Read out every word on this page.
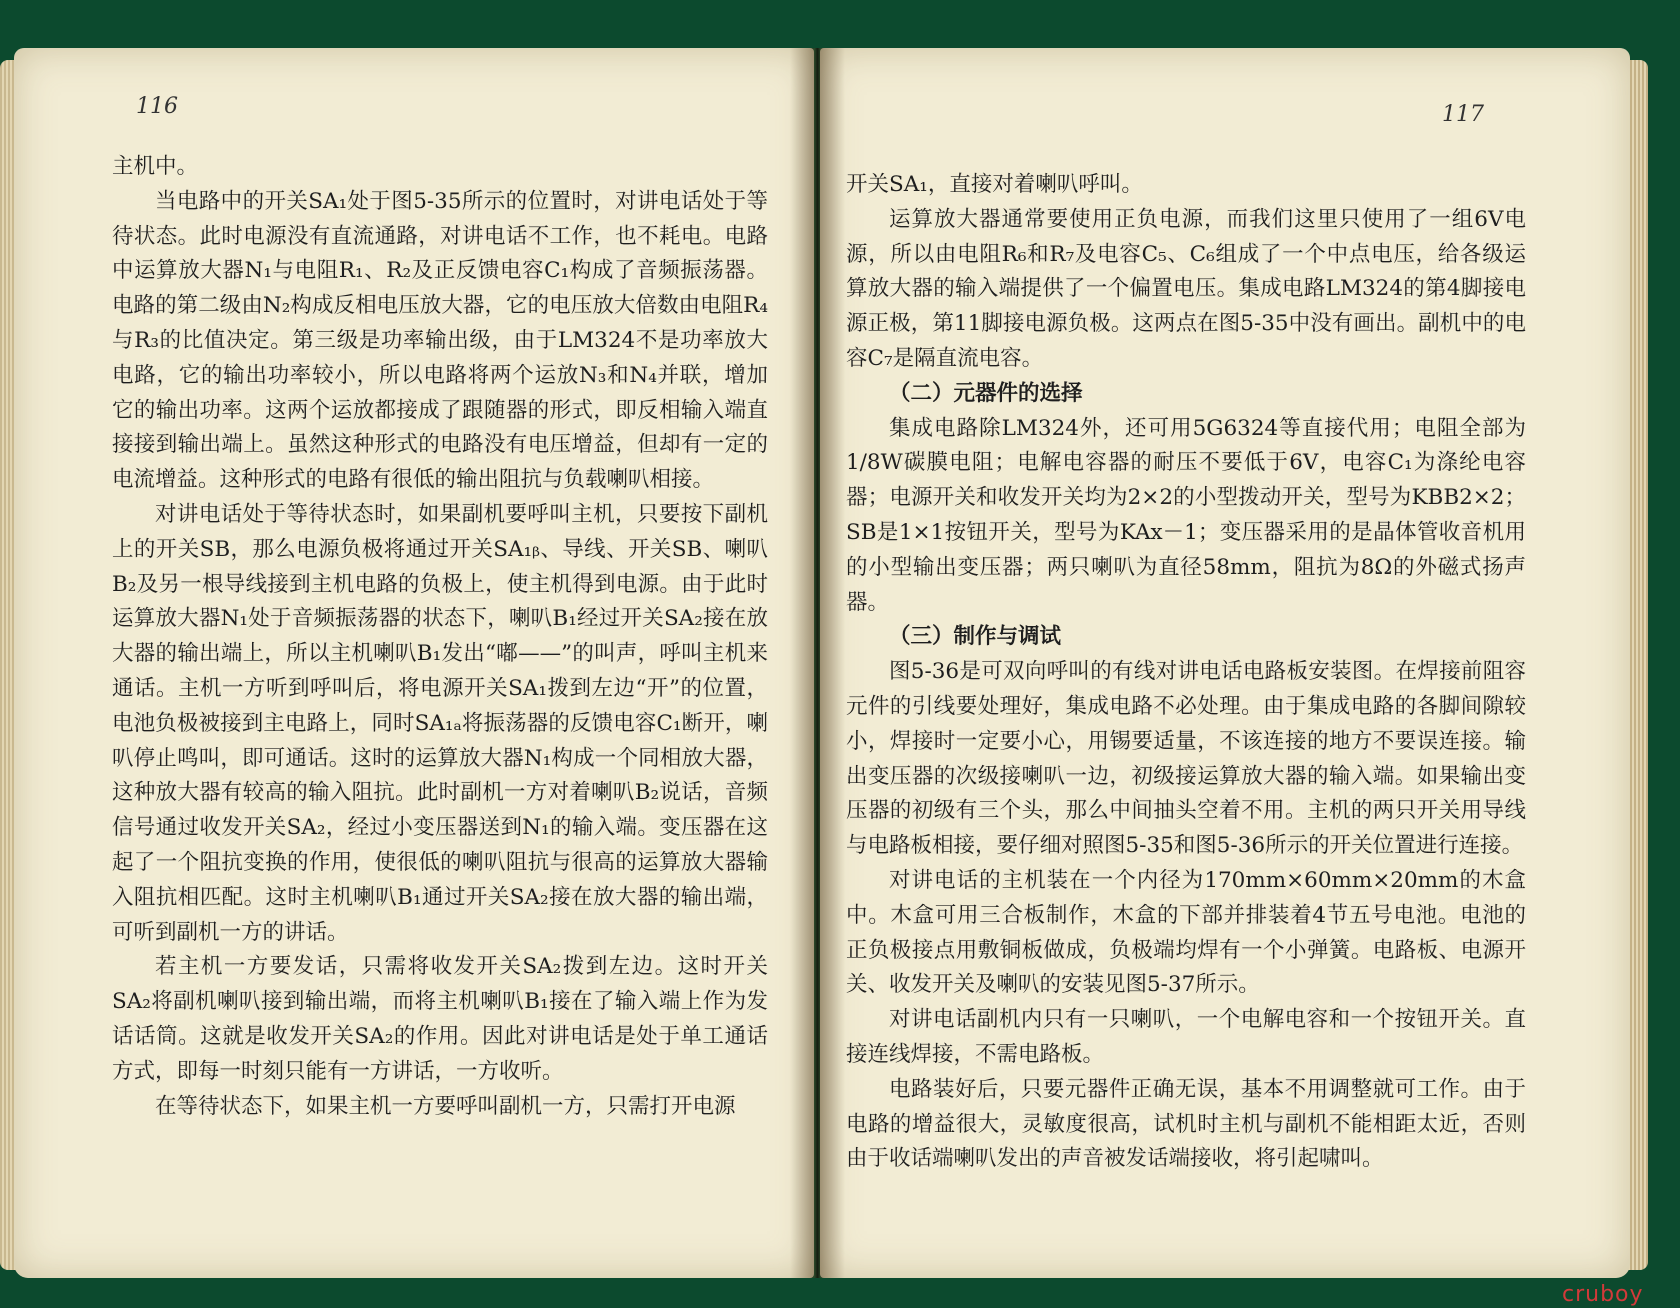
116	117

主机中。

当电路中的开关SA₁处于图5-35所示的位置时，对讲电话处于等待状态。此时电源没有直流通路，对讲电话不工作，也不耗电。电路中运算放大器N₁与电阻R₁、R₂及正反馈电容C₁构成了音频振荡器。电路的第二级由N₂构成反相电压放大器，它的电压放大倍数由电阻R₄与R₃的比值决定。第三级是功率输出级，由于LM324不是功率放大电路，它的输出功率较小，所以电路将两个运放N₃和N₄并联，增加它的输出功率。这两个运放都接成了跟随器的形式，即反相输入端直接接到输出端上。虽然这种形式的电路没有电压增益，但却有一定的电流增益。这种形式的电路有很低的输出阻抗与负载喇叭相接。

对讲电话处于等待状态时，如果副机要呼叫主机，只要按下副机上的开关SB，那么电源负极将通过开关SA₁ᵦ、导线、开关SB、喇叭B₂及另一根导线接到主机电路的负极上，使主机得到电源。由于此时运算放大器N₁处于音频振荡器的状态下，喇叭B₁经过开关SA₂接在放大器的输出端上，所以主机喇叭B₁发出“嘟——”的叫声，呼叫主机来通话。主机一方听到呼叫后，将电源开关SA₁拨到左边“开”的位置，电池负极被接到主电路上，同时SA₁ₐ将振荡器的反馈电容C₁断开，喇叭停止鸣叫，即可通话。这时的运算放大器N₁构成一个同相放大器，这种放大器有较高的输入阻抗。此时副机一方对着喇叭B₂说话，音频信号通过收发开关SA₂，经过小变压器送到N₁的输入端。变压器在这起了一个阻抗变换的作用，使很低的喇叭阻抗与很高的运算放大器输入阻抗相匹配。这时主机喇叭B₁通过开关SA₂接在放大器的输出端，可听到副机一方的讲话。

若主机一方要发话，只需将收发开关SA₂拨到左边。这时开关SA₂将副机喇叭接到输出端，而将主机喇叭B₁接在了输入端上作为发话话筒。这就是收发开关SA₂的作用。因此对讲电话是处于单工通话方式，即每一时刻只能有一方讲话，一方收听。

在等待状态下，如果主机一方要呼叫副机一方，只需打开电源

开关SA₁，直接对着喇叭呼叫。

运算放大器通常要使用正负电源，而我们这里只使用了一组6V电源，所以由电阻R₆和R₇及电容C₅、C₆组成了一个中点电压，给各级运算放大器的输入端提供了一个偏置电压。集成电路LM324的第4脚接电源正极，第11脚接电源负极。这两点在图5-35中没有画出。副机中的电容C₇是隔直流电容。

（二）元器件的选择

集成电路除LM324外，还可用5G6324等直接代用；电阻全部为1/8W碳膜电阻；电解电容器的耐压不要低于6V，电容C₁为涤纶电容器；电源开关和收发开关均为2×2的小型拨动开关，型号为KBB2×2；SB是1×1按钮开关，型号为KAx－1；变压器采用的是晶体管收音机用的小型输出变压器；两只喇叭为直径58mm，阻抗为8Ω的外磁式扬声器。

（三）制作与调试

图5-36是可双向呼叫的有线对讲电话电路板安装图。在焊接前阻容元件的引线要处理好，集成电路不必处理。由于集成电路的各脚间隙较小，焊接时一定要小心，用锡要适量，不该连接的地方不要误连接。输出变压器的次级接喇叭一边，初级接运算放大器的输入端。如果输出变压器的初级有三个头，那么中间抽头空着不用。主机的两只开关用导线与电路板相接，要仔细对照图5-35和图5-36所示的开关位置进行连接。

对讲电话的主机装在一个内径为170mm×60mm×20mm的木盒中。木盒可用三合板制作，木盒的下部并排装着4节五号电池。电池的正负极接点用敷铜板做成，负极端均焊有一个小弹簧。电路板、电源开关、收发开关及喇叭的安装见图5-37所示。

对讲电话副机内只有一只喇叭，一个电解电容和一个按钮开关。直接连线焊接，不需电路板。

电路装好后，只要元器件正确无误，基本不用调整就可工作。由于电路的增益很大，灵敏度很高，试机时主机与副机不能相距太近，否则由于收话端喇叭发出的声音被发话端接收，将引起啸叫。

cruboy
